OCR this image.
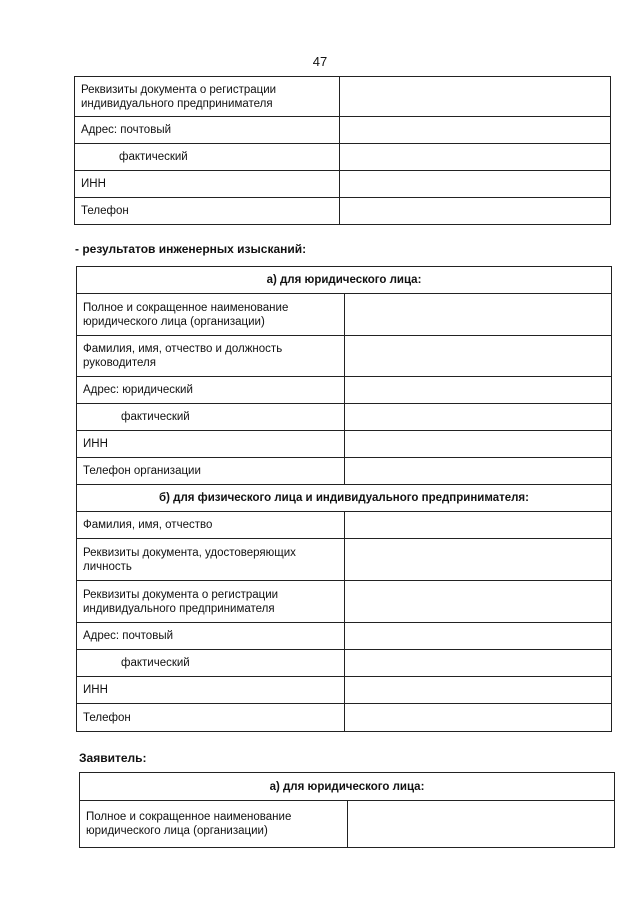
47
Реквизиты документа о регистрации индивидуального предпринимателя	
Адрес: почтовый	
фактический	
ИНН	
Телефон	
- результатов инженерных изысканий:
а) для юридического лица:	
Полное и сокращенное наименование юридического лица (организации)	
Фамилия, имя, отчество и должность руководителя	
Адрес: юридический	
фактический	
ИНН	
Телефон организации	
б) для физического лица и индивидуального предпринимателя:	
Фамилия, имя, отчество	
Реквизиты документа, удостоверяющих личность	
Реквизиты документа о регистрации индивидуального предпринимателя	
Адрес: почтовый	
фактический	
ИНН	
Телефон	
Заявитель:
а) для юридического лица:
Полное и сокращенное наименование юридического лица (организации)	
